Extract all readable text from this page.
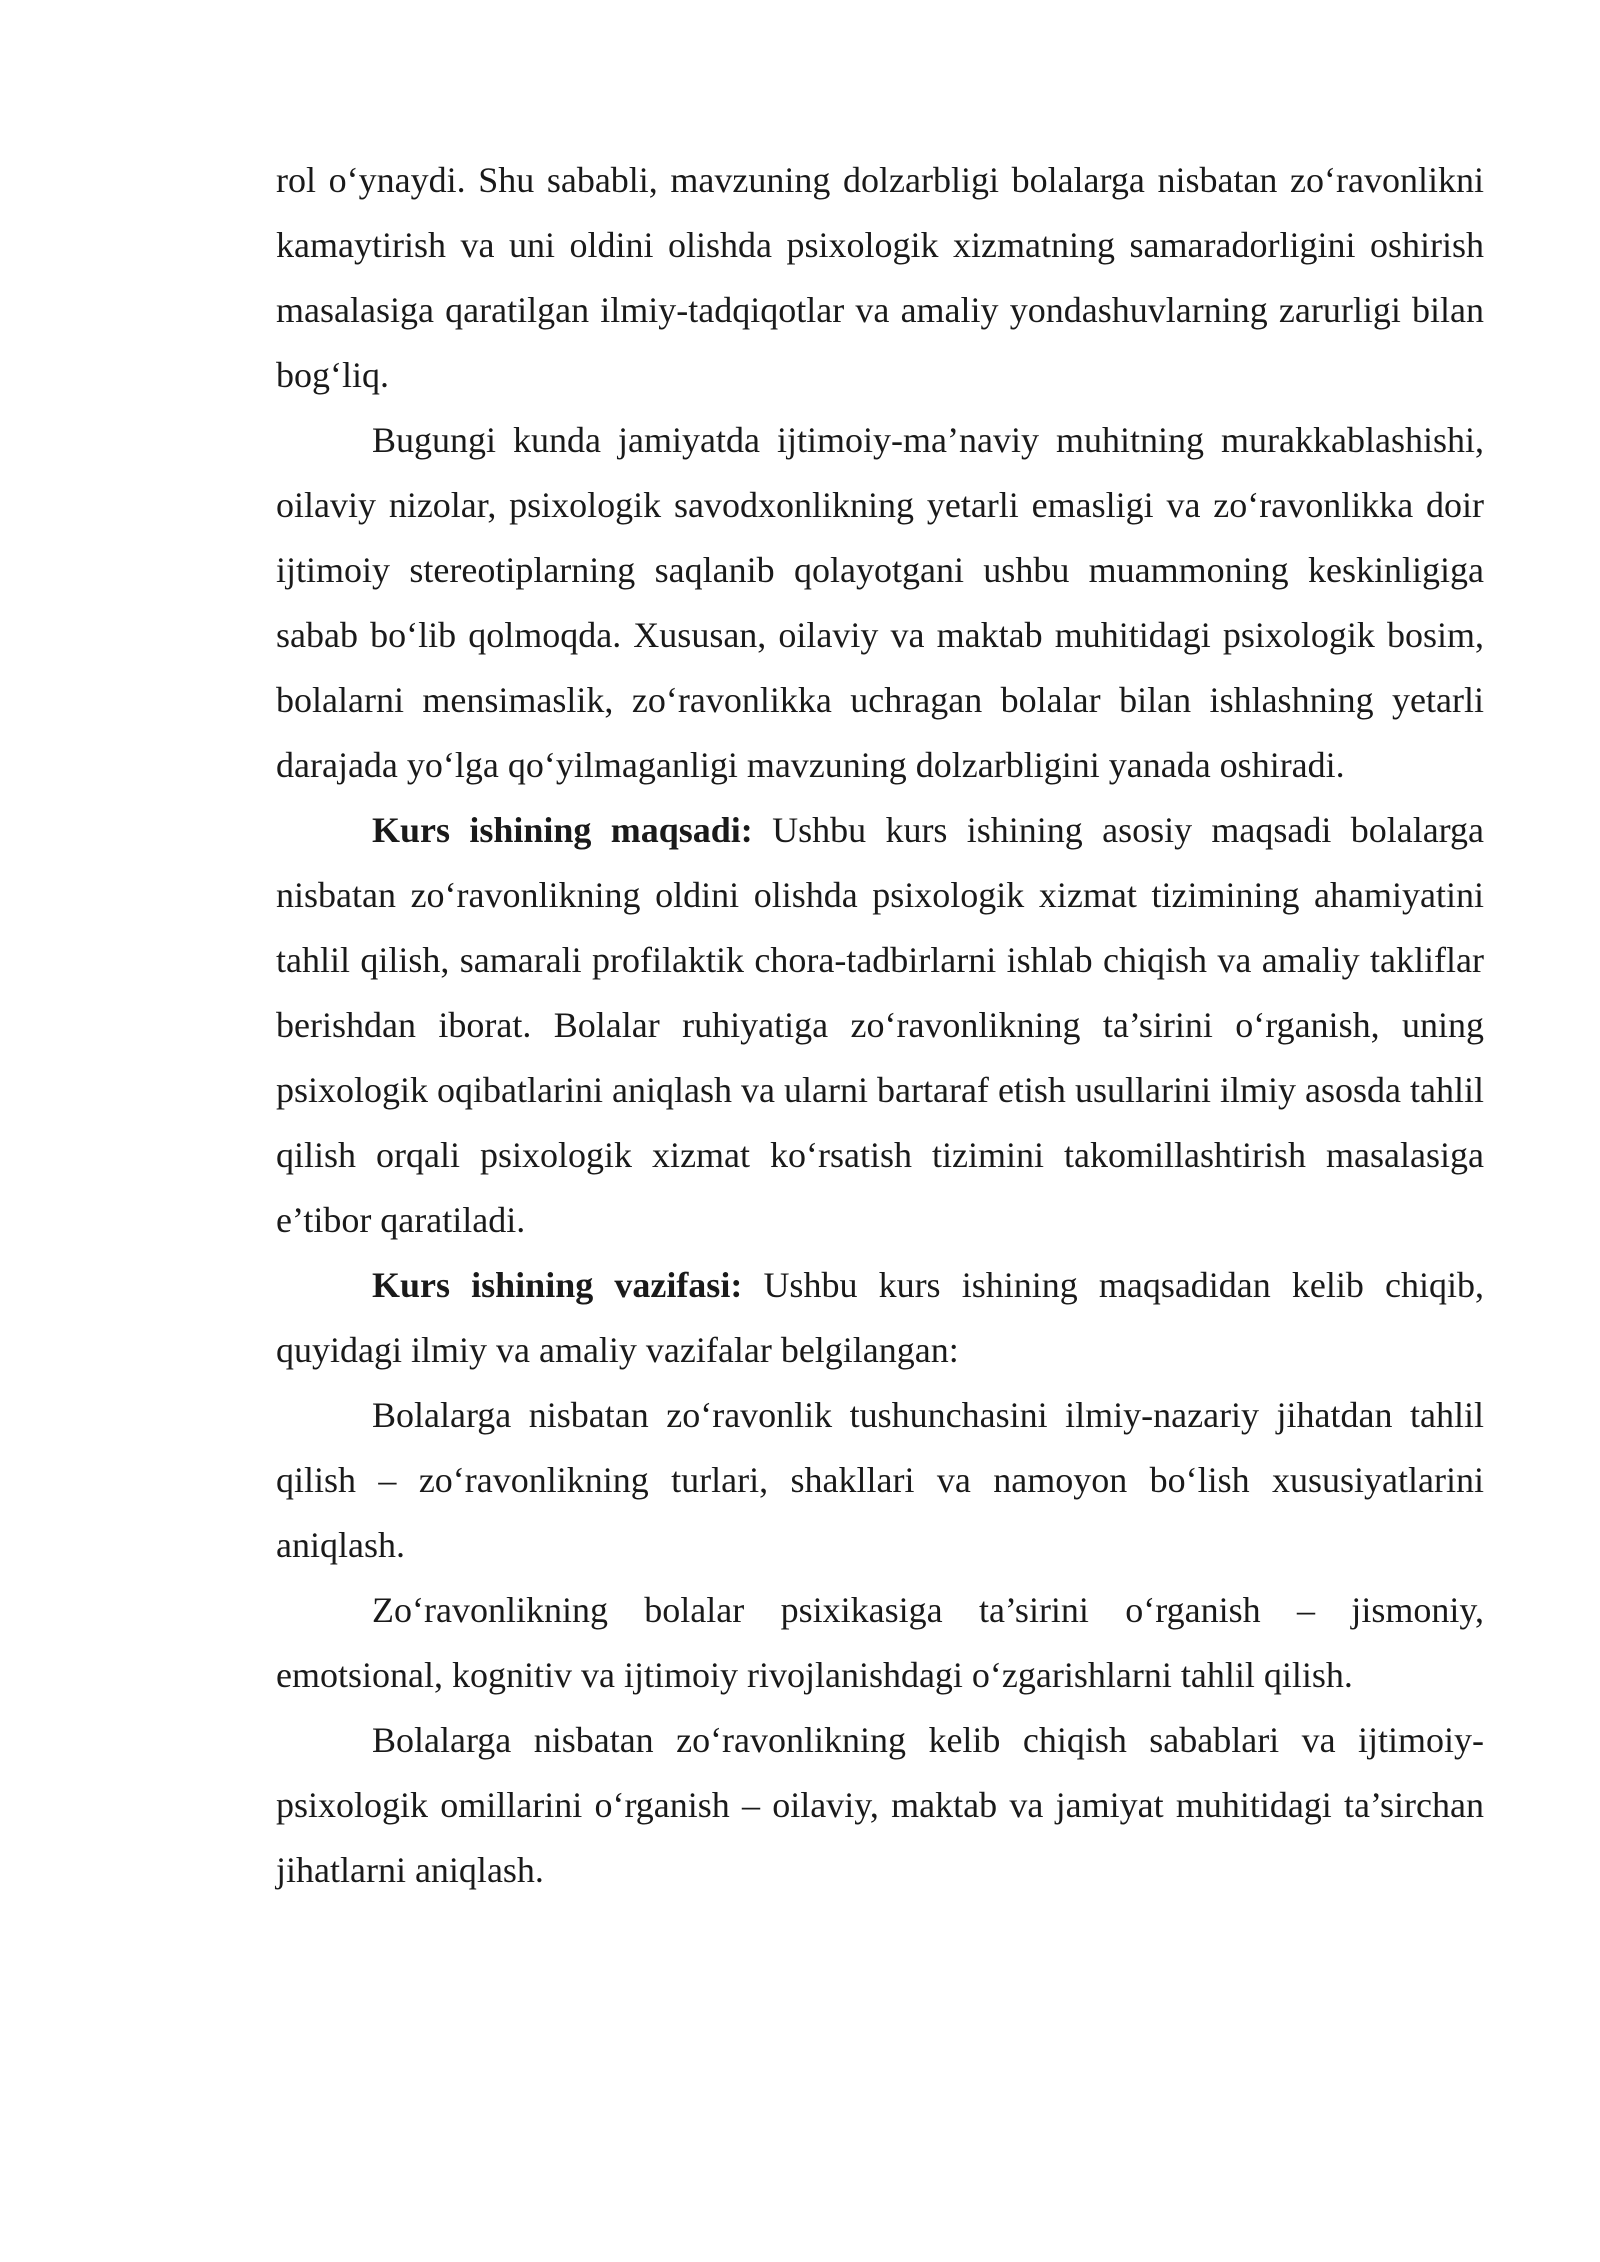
rol o‘ynaydi. Shu sababli, mavzuning dolzarbligi bolalarga nisbatan zo‘ravonlikni kamaytirish va uni oldini olishda psixologik xizmatning samaradorligini oshirish masalasiga qaratilgan ilmiy-tadqiqotlar va amaliy yondashuvlarning zarurligi bilan bog‘liq.

Bugungi kunda jamiyatda ijtimoiy-ma’naviy muhitning murakkablashishi, oilaviy nizolar, psixologik savodxonlikning yetarli emasligi va zo‘ravonlikka doir ijtimoiy stereotiplarning saqlanib qolayotgani ushbu muammoning keskinligiga sabab bo‘lib qolmoqda. Xususan, oilaviy va maktab muhitidagi psixologik bosim, bolalarni mensimaslik, zo‘ravonlikka uchragan bolalar bilan ishlashning yetarli darajada yo‘lga qo‘yilmaganligi mavzuning dolzarbligini yanada oshiradi.

Kurs ishining maqsadi: Ushbu kurs ishining asosiy maqsadi bolalarga nisbatan zo‘ravonlikning oldini olishda psixologik xizmat tizimining ahamiyatini tahlil qilish, samarali profilaktik chora-tadbirlarni ishlab chiqish va amaliy takliflar berishdan iborat. Bolalar ruhiyatiga zo‘ravonlikning ta’sirini o‘rganish, uning psixologik oqibatlarini aniqlash va ularni bartaraf etish usullarini ilmiy asosda tahlil qilish orqali psixologik xizmat ko‘rsatish tizimini takomillashtirish masalasiga e’tibor qaratiladi.

Kurs ishining vazifasi: Ushbu kurs ishining maqsadidan kelib chiqib, quyidagi ilmiy va amaliy vazifalar belgilangan:

Bolalarga nisbatan zo‘ravonlik tushunchasini ilmiy-nazariy jihatdan tahlil qilish – zo‘ravonlikning turlari, shakllari va namoyon bo‘lish xususiyatlarini aniqlash.

Zo‘ravonlikning bolalar psixikasiga ta’sirini o‘rganish – jismoniy, emotsional, kognitiv va ijtimoiy rivojlanishdagi o‘zgarishlarni tahlil qilish.

Bolalarga nisbatan zo‘ravonlikning kelib chiqish sabablari va ijtimoiy-psixologik omillarini o‘rganish – oilaviy, maktab va jamiyat muhitidagi ta’sirchan jihatlarni aniqlash.
